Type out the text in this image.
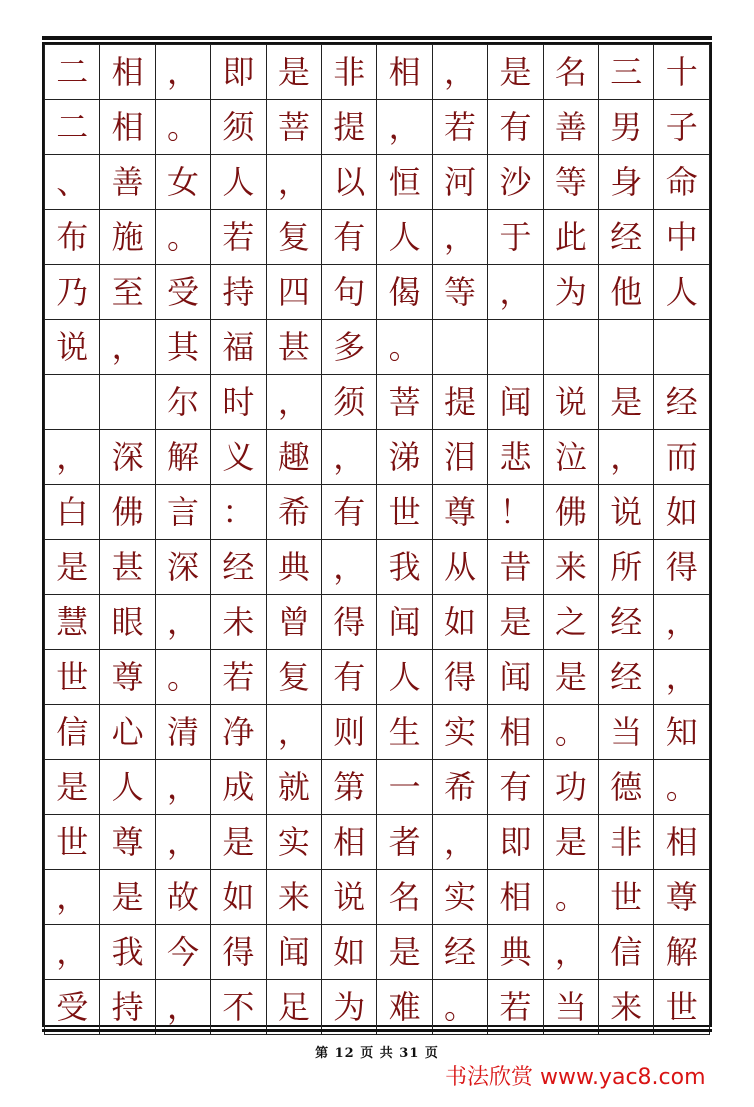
二	相	，	即	是	非	相	，	是	名	三	十
二	相	。	须	菩	提	，	若	有	善	男	子
、	善	女	人	，	以	恒	河	沙	等	身	命
布	施	。	若	复	有	人	，	于	此	经	中
乃	至	受	持	四	句	偈	等	，	为	他	人
说	，	其	福	甚	多	。					
		尔	时	，	须	菩	提	闻	说	是	经
，	深	解	义	趣	，	涕	泪	悲	泣	，	而
白	佛	言	：	希	有	世	尊	！	佛	说	如
是	甚	深	经	典	，	我	从	昔	来	所	得
慧	眼	，	未	曾	得	闻	如	是	之	经	，
世	尊	。	若	复	有	人	得	闻	是	经	，
信	心	清	净	，	则	生	实	相	。	当	知
是	人	，	成	就	第	一	希	有	功	德	。
世	尊	，	是	实	相	者	，	即	是	非	相
，	是	故	如	来	说	名	实	相	。	世	尊
，	我	今	得	闻	如	是	经	典	，	信	解
受	持	，	不	足	为	难	。	若	当	来	世
第 12 页 共 31 页
书法欣赏 www.yac8.com
